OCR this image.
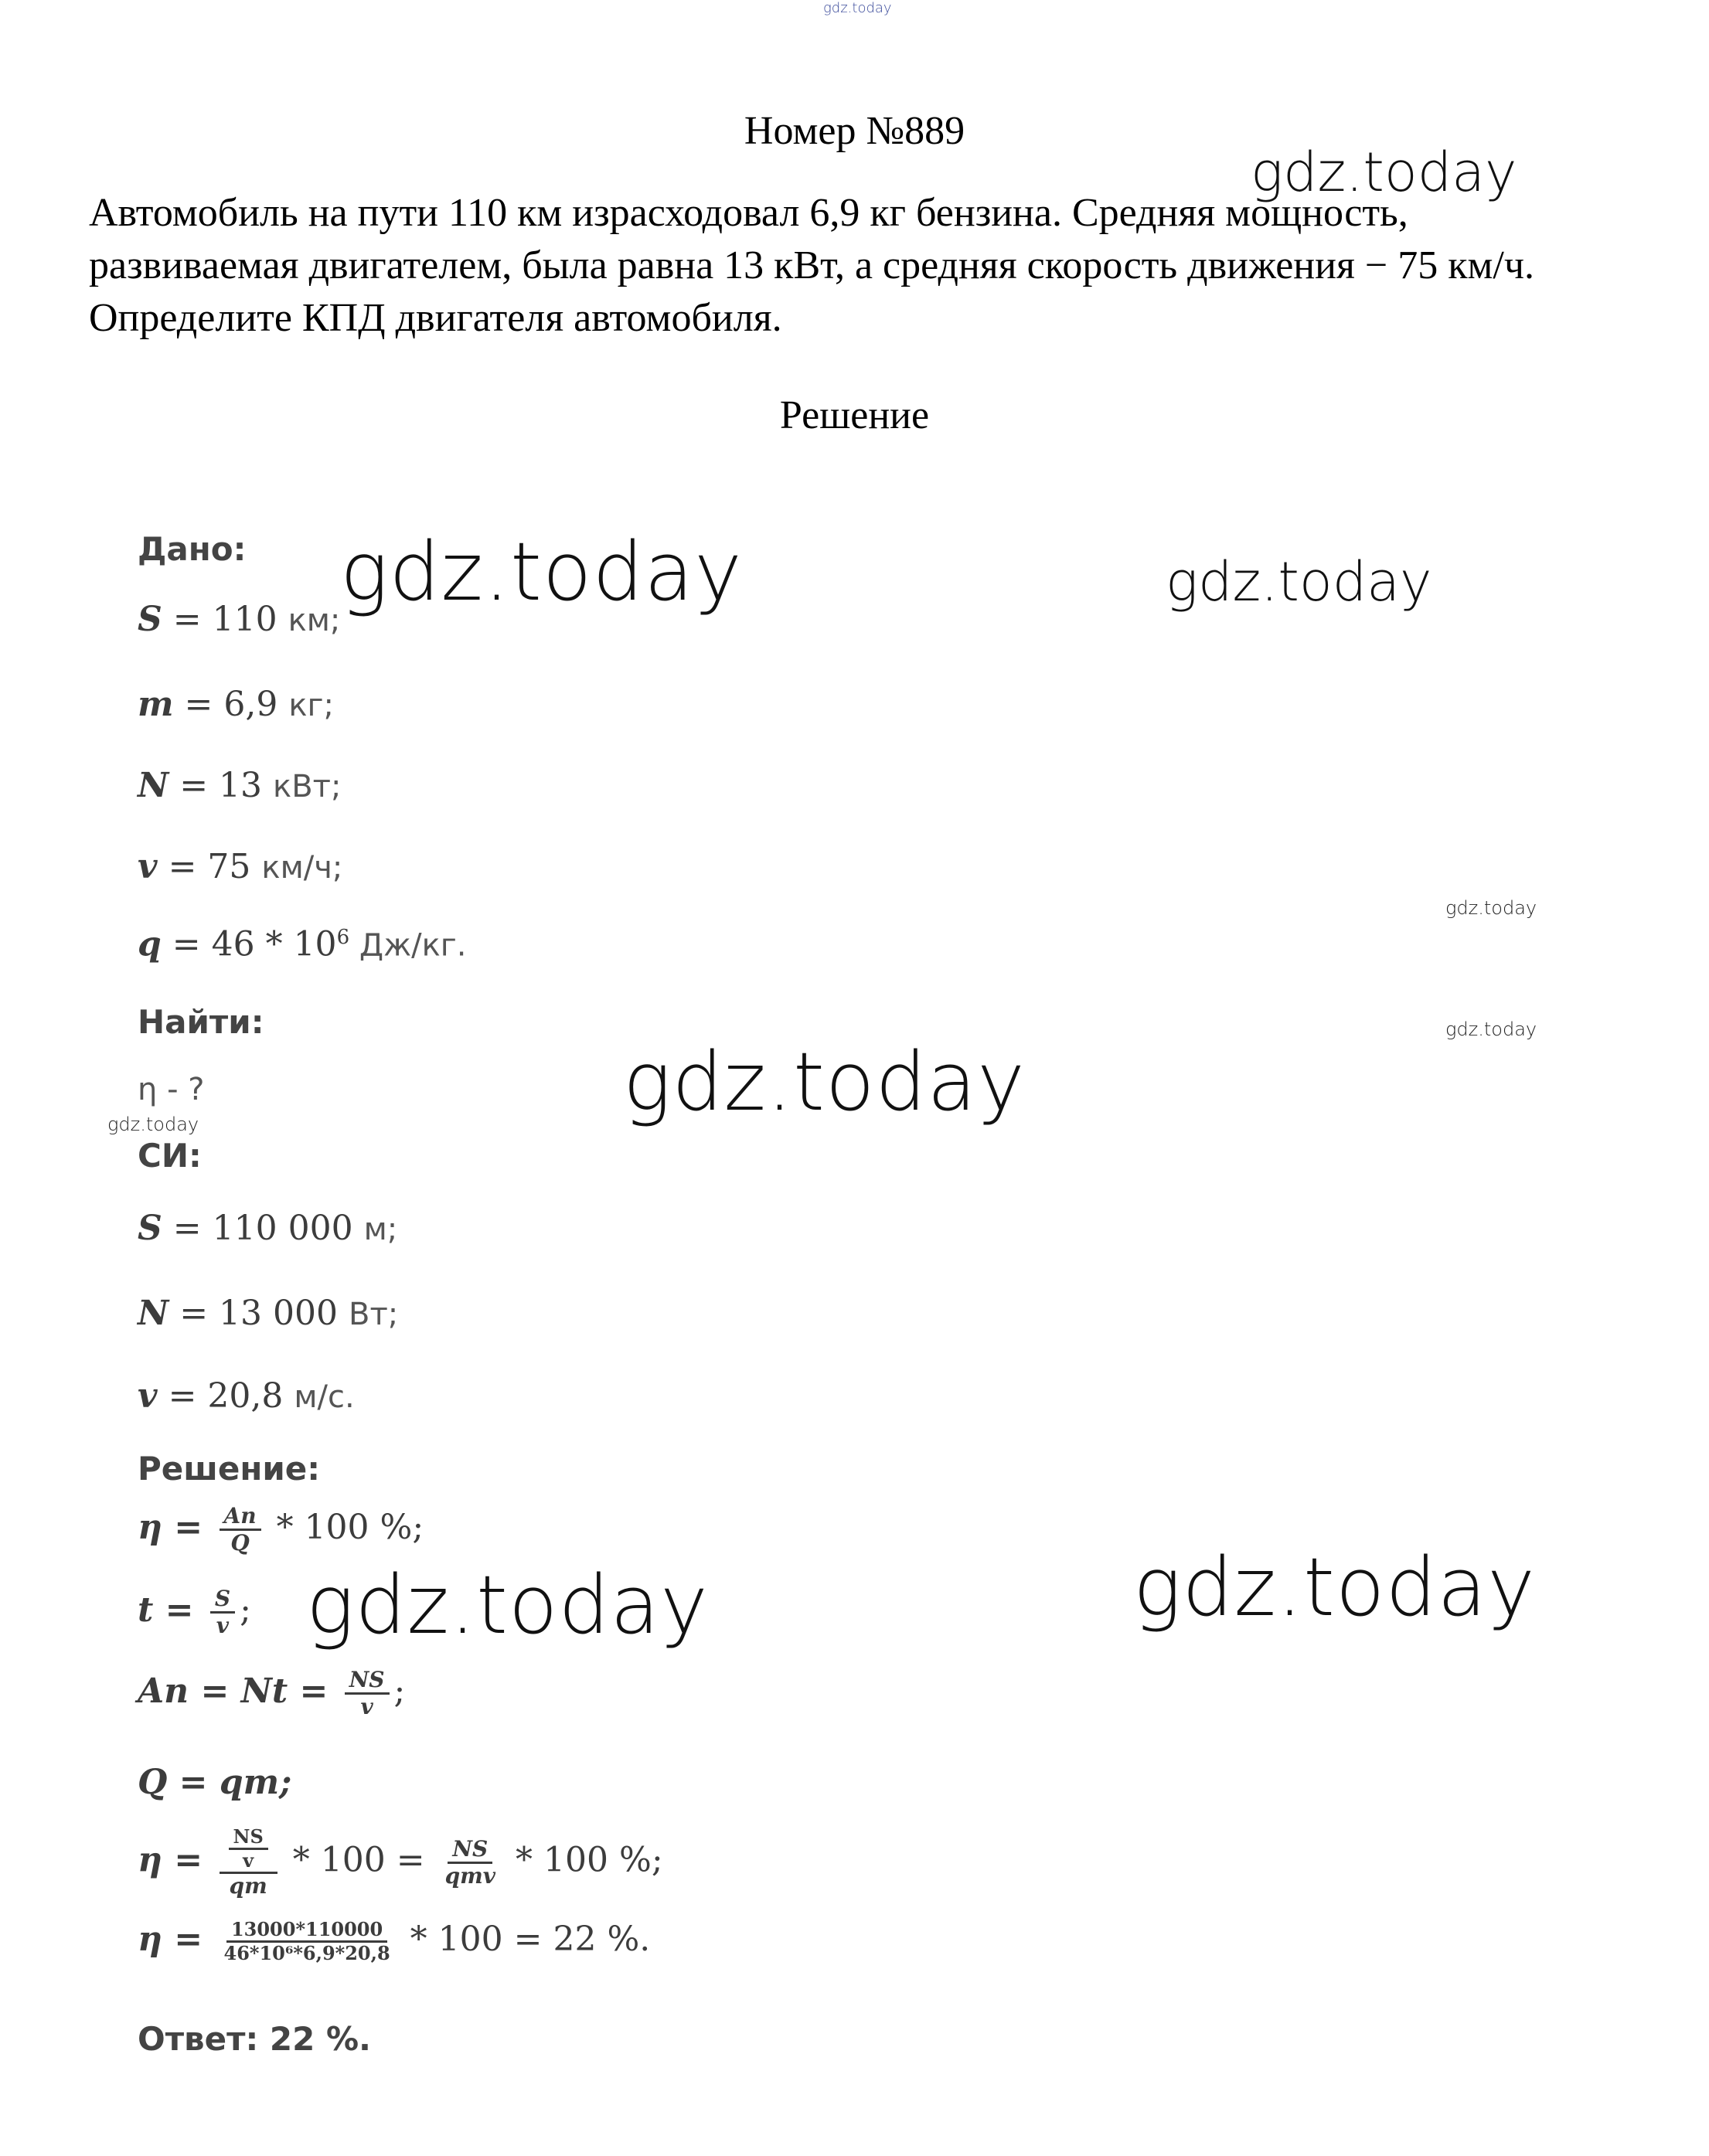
gdz.today
gdz.today
gdz.today	gdz.today
gdz.today
gdz.today
gdz.today
gdz.today
gdz.today	gdz.today
Номер №889
Автомобиль на пути 110 км израсходовал 6,9 кг бензина. Средняя мощность, развиваемая двигателем, была равна 13 кВт, а средняя скорость движения − 75 км/ч. Определите КПД двигателя автомобиля.
Решение
Дано:
S = 110 км;
m = 6,9 кг;
N = 13 кВт;
v = 75 км/ч;
$q = 46 * 10^6$ Дж/кг.
Найти:
η - ?
СИ:
S = 110 000 м;
N = 13 000 Вт;
v = 20,8 м/с.
Решение:
$\eta = \frac{Aп}{Q} * 100$ %;
$t = \frac{S}{v}$ ;
Aп = $Nt = \frac{NS}{v}$ ;
Q = qm;
$\eta = \frac{\frac{NS}{v}}{qm} * 100 = \frac{NS}{\text{qmv}} * 100$ %;
$\eta = \frac{13000*110000}{\text{46*10⁶*6,9*20,8}} * 100 = 22$ %.
Ответ: 22 %.
